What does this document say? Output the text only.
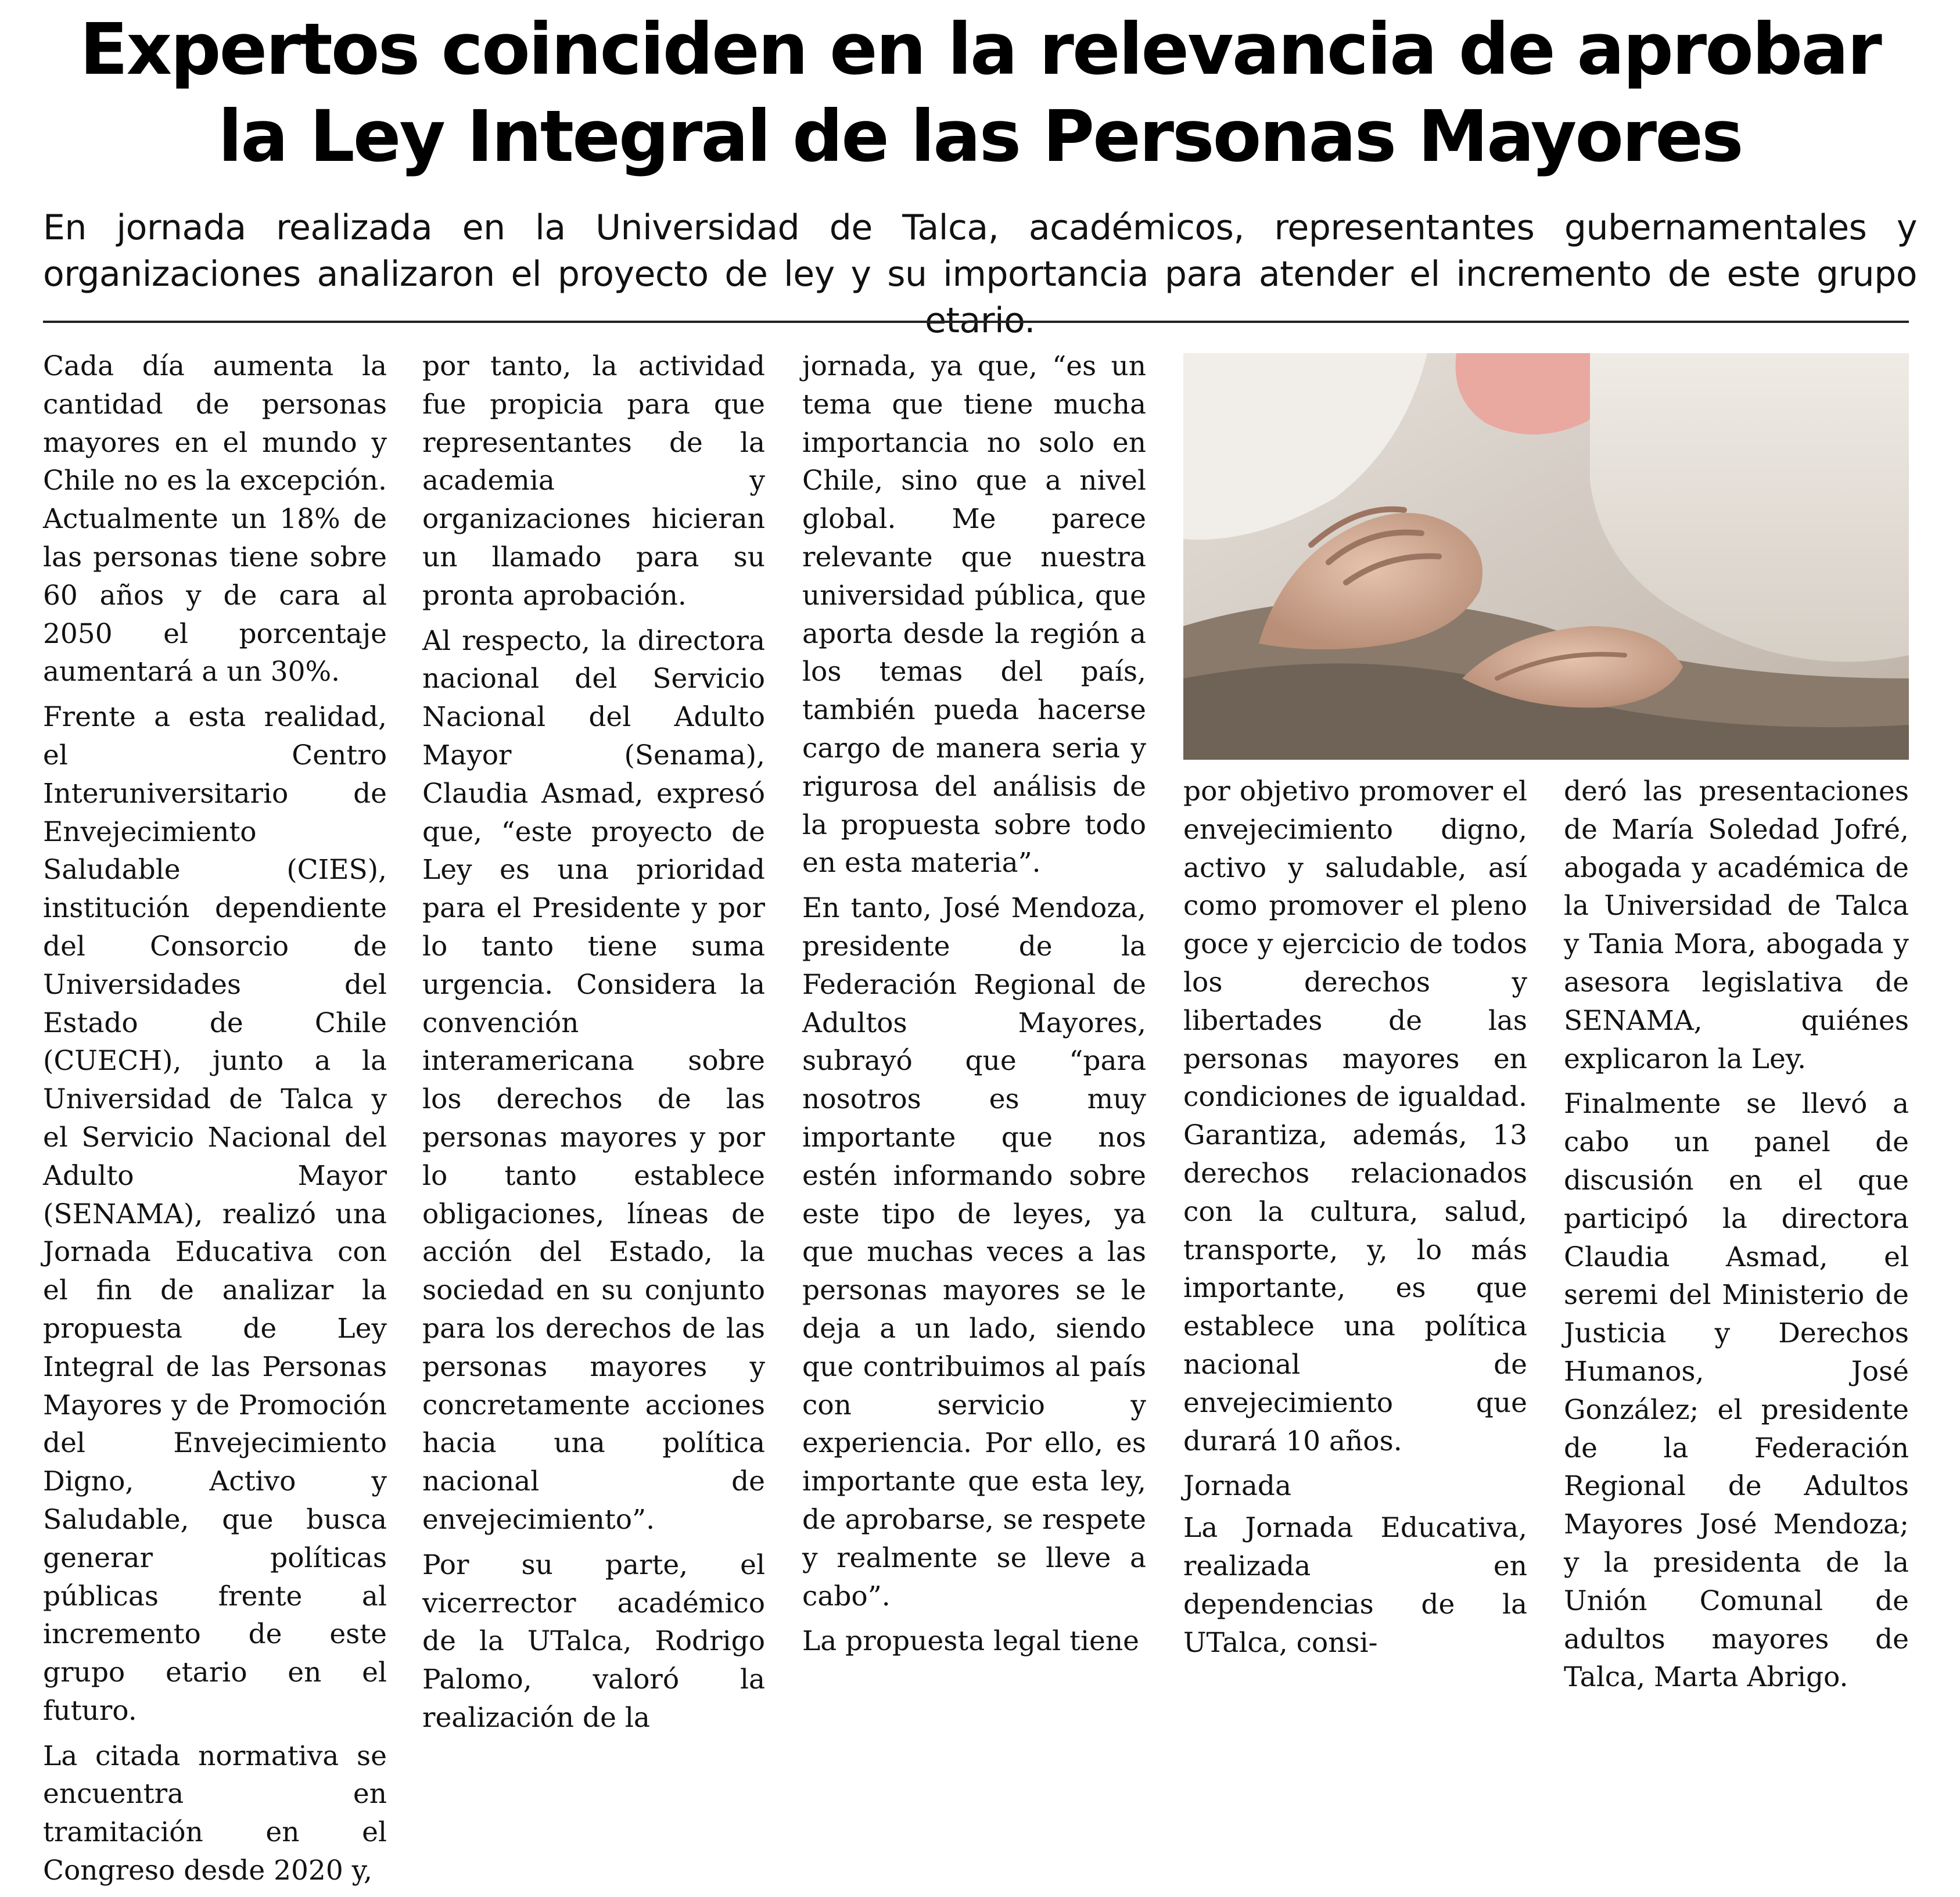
Expertos coinciden en la relevancia de aprobar la Ley Integral de las Personas Mayores

En jornada realizada en la Universidad de Talca, académicos, representantes gubernamentales y organizaciones analizaron el proyecto de ley y su importancia para atender el incremento de este grupo etario.

Cada día aumenta la cantidad de personas mayores en el mundo y Chile no es la excepción. Actualmente un 18% de las personas tiene sobre 60 años y de cara al 2050 el porcentaje aumentará a un 30%.

Frente a esta realidad, el Centro Interuniversitario de Envejecimiento Saludable (CIES), institución dependiente del Consorcio de Universidades del Estado de Chile (CUECH), junto a la Universidad de Talca y el Servicio Nacional del Adulto Mayor (SENAMA), realizó una Jornada Educativa con el fin de analizar la propuesta de Ley Integral de las Personas Mayores y de Promoción del Envejecimiento Digno, Activo y Saludable, que busca generar políticas públicas frente al incremento de este grupo etario en el futuro.

La citada normativa se encuentra en tramitación en el Congreso desde 2020 y,

por tanto, la actividad fue propicia para que representantes de la academia y organizaciones hicieran un llamado para su pronta aprobación.

Al respecto, la directora nacional del Servicio Nacional del Adulto Mayor (Senama), Claudia Asmad, expresó que, “este proyecto de Ley es una prioridad para el Presidente y por lo tanto tiene suma urgencia. Considera la convención interamericana sobre los derechos de las personas mayores y por lo tanto establece obligaciones, líneas de acción del Estado, la sociedad en su conjunto para los derechos de las personas mayores y concretamente acciones hacia una política nacional de envejecimiento”.

Por su parte, el vicerrector académico de la UTalca, Rodrigo Palomo, valoró la realización de la

jornada, ya que, “es un tema que tiene mucha importancia no solo en Chile, sino que a nivel global. Me parece relevante que nuestra universidad pública, que aporta desde la región a los temas del país, también pueda hacerse cargo de manera seria y rigurosa del análisis de la propuesta sobre todo en esta materia”.

En tanto, José Mendoza, presidente de la Federación Regional de Adultos Mayores, subrayó que “para nosotros es muy importante que nos estén informando sobre este tipo de leyes, ya que muchas veces a las personas mayores se le deja a un lado, siendo que contribuimos al país con servicio y experiencia. Por ello, es importante que esta ley, de aprobarse, se respete y realmente se lleve a cabo”.

La propuesta legal tiene

por objetivo promover el envejecimiento digno, activo y saludable, así como promover el pleno goce y ejercicio de todos los derechos y libertades de las personas mayores en condiciones de igualdad. Garantiza, además, 13 derechos relacionados con la cultura, salud, transporte, y, lo más importante, es que establece una política nacional de envejecimiento que durará 10 años.

Jornada

La Jornada Educativa, realizada en dependencias de la UTalca, consi-

deró las presentaciones de María Soledad Jofré, abogada y académica de la Universidad de Talca y Tania Mora, abogada y asesora legislativa de SENAMA, quiénes explicaron la Ley.

Finalmente se llevó a cabo un panel de discusión en el que participó la directora Claudia Asmad, el seremi del Ministerio de Justicia y Derechos Humanos, José González; el presidente de la Federación Regional de Adultos Mayores José Mendoza; y la presidenta de la Unión Comunal de adultos mayores de Talca, Marta Abrigo.
